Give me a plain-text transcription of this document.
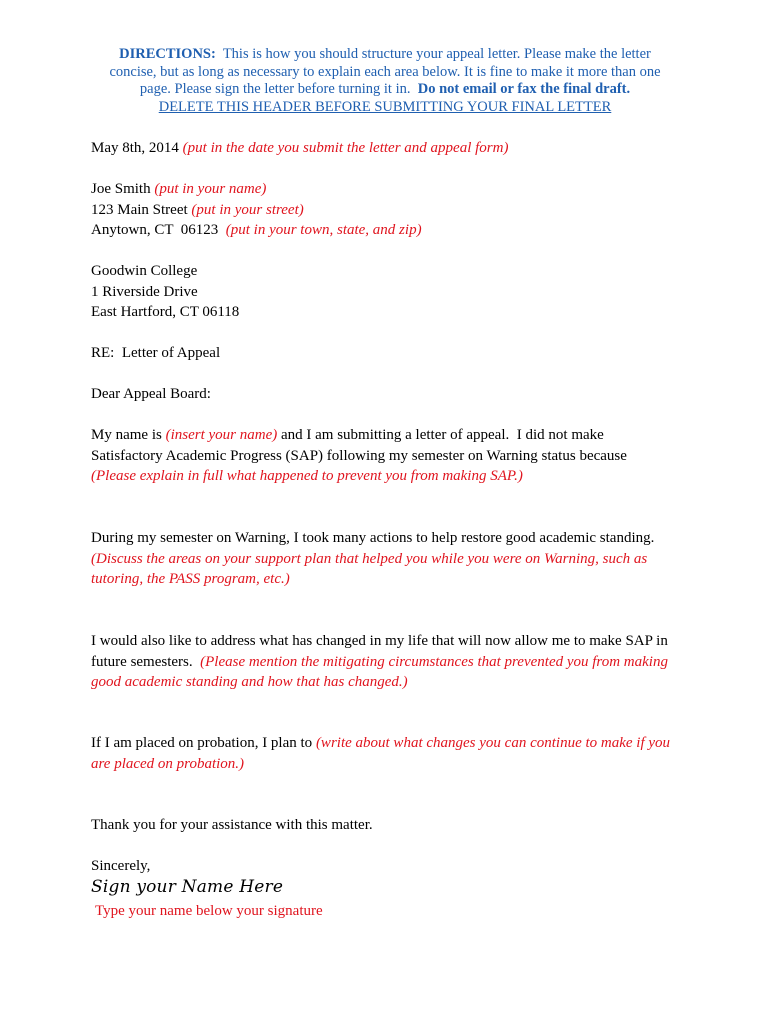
DIRECTIONS: This is how you should structure your appeal letter. Please make the letter
concise, but as long as necessary to explain each area below. It is fine to make it more than one
page. Please sign the letter before turning it in. Do not email or fax the final draft.
DELETE THIS HEADER BEFORE SUBMITTING YOUR FINAL LETTER
May 8th, 2014 (put in the date you submit the letter and appeal form)
Joe Smith (put in your name)
123 Main Street (put in your street)
Anytown, CT  06123 (put in your town, state, and zip)
Goodwin College
1 Riverside Drive
East Hartford, CT 06118
RE:  Letter of Appeal
Dear Appeal Board:
My name is (insert your name) and I am submitting a letter of appeal.  I did not make
Satisfactory Academic Progress (SAP) following my semester on Warning status because
(Please explain in full what happened to prevent you from making SAP.)
During my semester on Warning, I took many actions to help restore good academic standing.
(Discuss the areas on your support plan that helped you while you were on Warning, such as
tutoring, the PASS program, etc.)
I would also like to address what has changed in my life that will now allow me to make SAP in
future semesters. (Please mention the mitigating circumstances that prevented you from making
good academic standing and how that has changed.)
If I am placed on probation, I plan to (write about what changes you can continue to make if you
are placed on probation.)
Thank you for your assistance with this matter.
Sincerely,
Sign your Name Here
Type your name below your signature
